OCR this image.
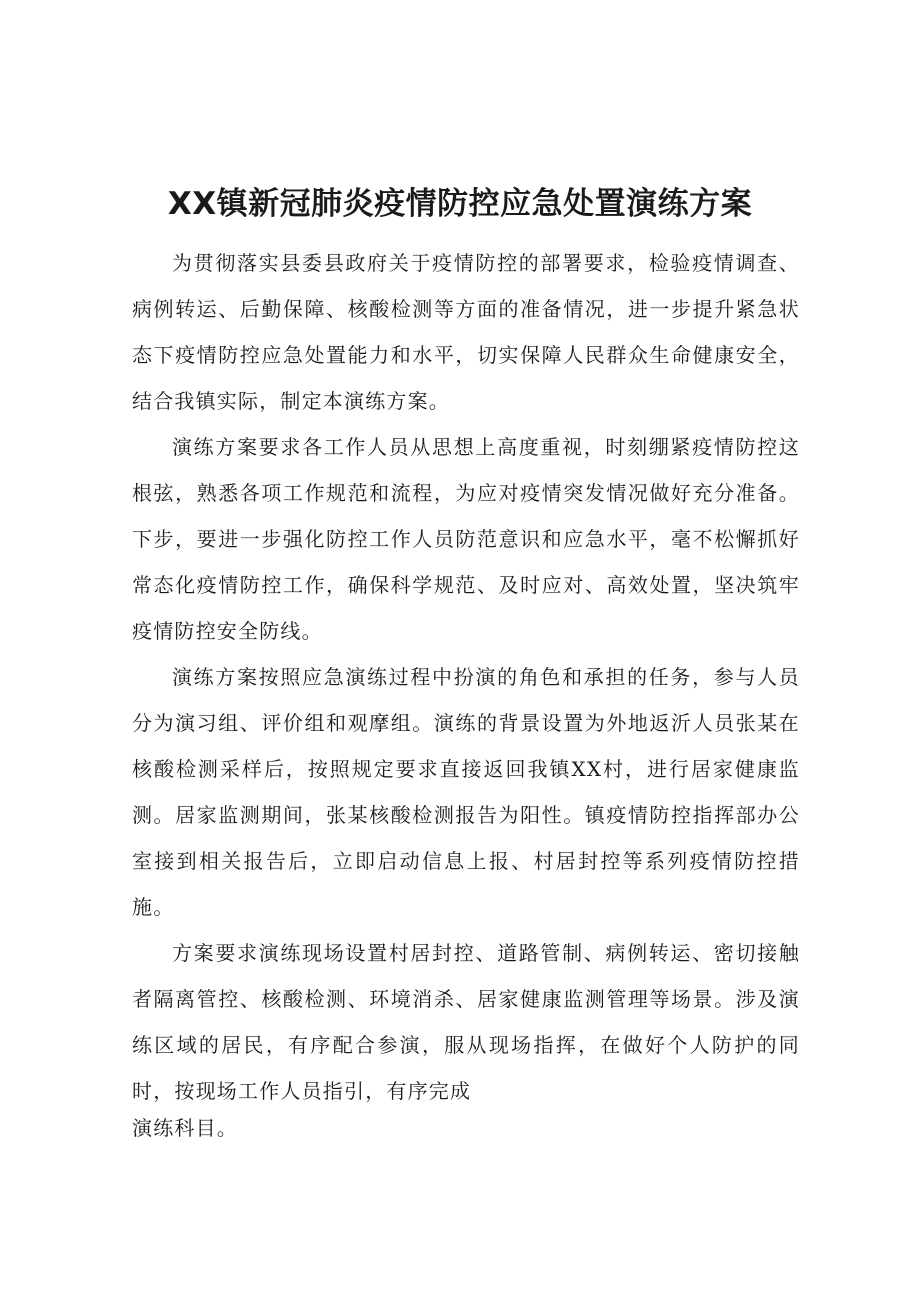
XX镇新冠肺炎疫情防控应急处置演练方案

为贯彻落实县委县政府关于疫情防控的部署要求，检验疫情调查、病例转运、后勤保障、核酸检测等方面的准备情况，进一步提升紧急状态下疫情防控应急处置能力和水平，切实保障人民群众生命健康安全，结合我镇实际，制定本演练方案。

演练方案要求各工作人员从思想上高度重视，时刻绷紧疫情防控这根弦，熟悉各项工作规范和流程，为应对疫情突发情况做好充分准备。下步，要进一步强化防控工作人员防范意识和应急水平，毫不松懈抓好常态化疫情防控工作，确保科学规范、及时应对、高效处置，坚决筑牢疫情防控安全防线。

演练方案按照应急演练过程中扮演的角色和承担的任务，参与人员分为演习组、评价组和观摩组。演练的背景设置为外地返沂人员张某在核酸检测采样后，按照规定要求直接返回我镇XX村，进行居家健康监测。居家监测期间，张某核酸检测报告为阳性。镇疫情防控指挥部办公室接到相关报告后，立即启动信息上报、村居封控等系列疫情防控措施。

方案要求演练现场设置村居封控、道路管制、病例转运、密切接触者隔离管控、核酸检测、环境消杀、居家健康监测管理等场景。涉及演练区域的居民，有序配合参演，服从现场指挥，在做好个人防护的同时，按现场工作人员指引，有序完成

演练科目。
